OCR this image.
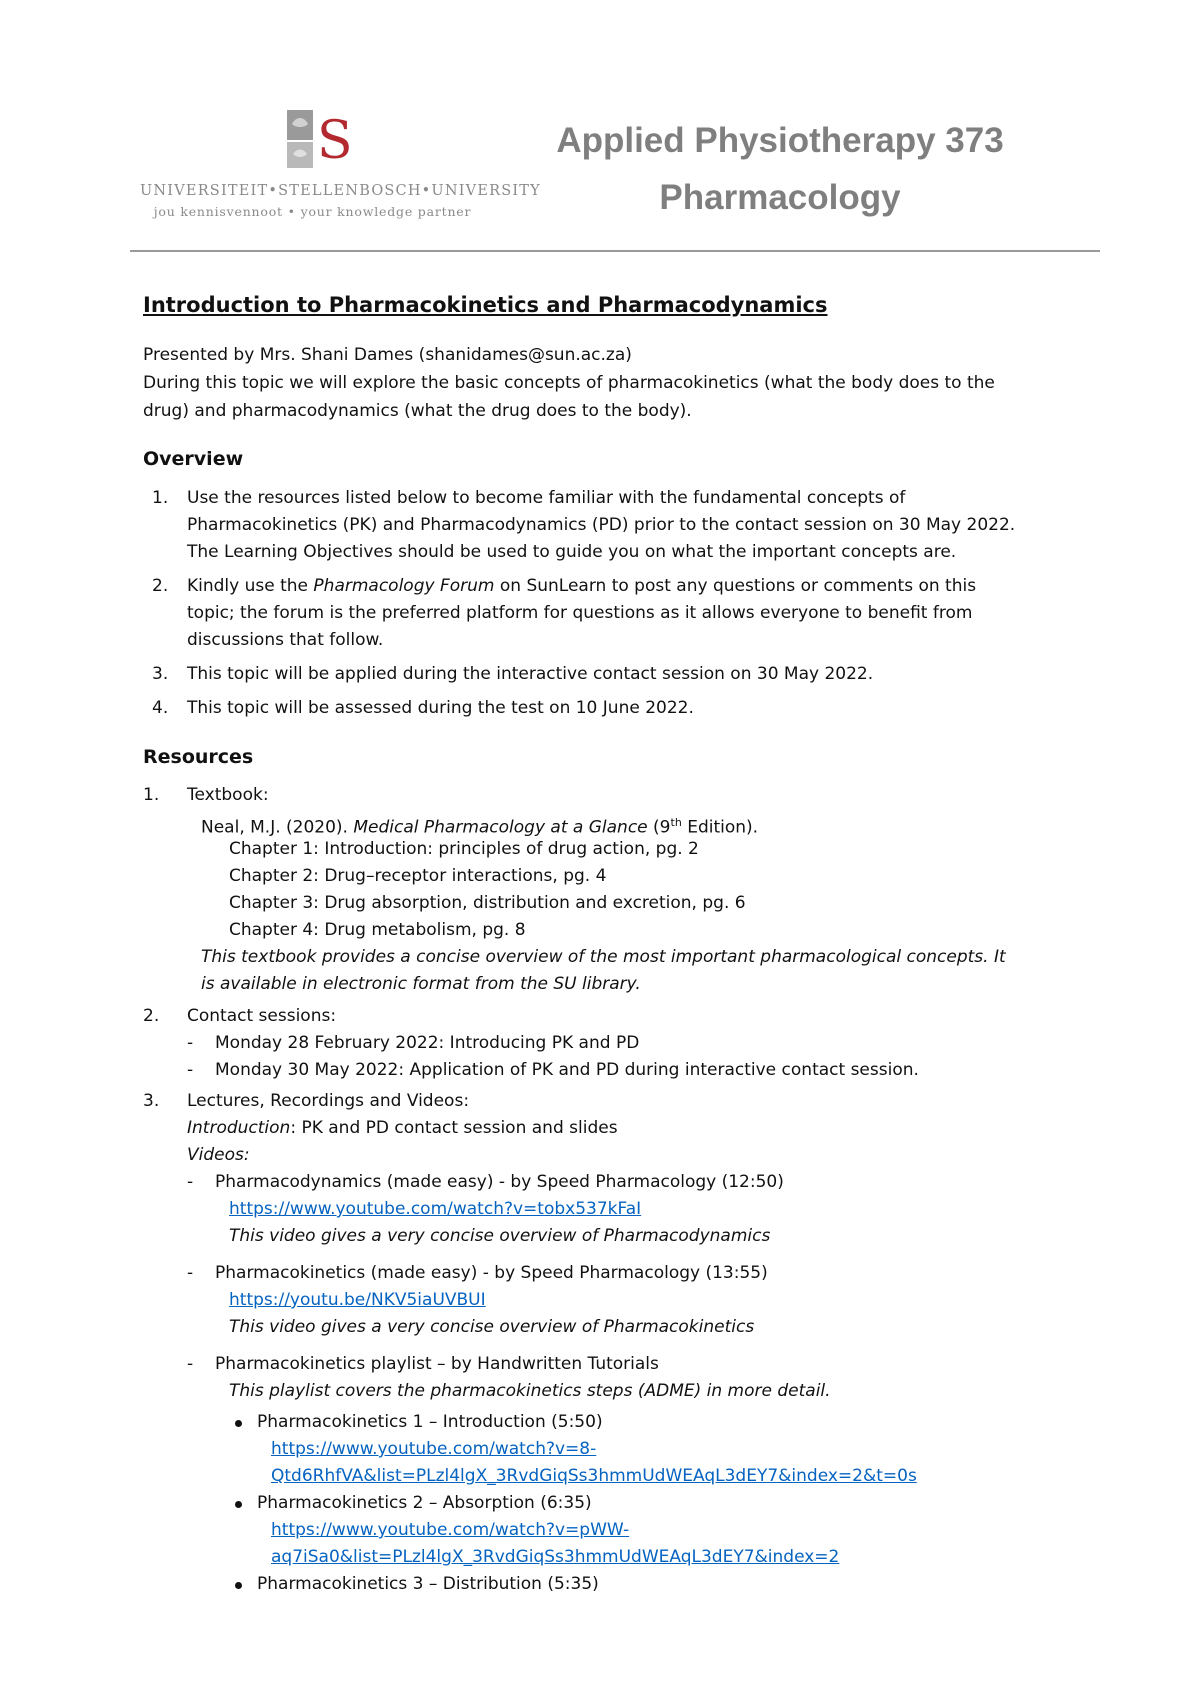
S
UNIVERSITEIT•STELLENBOSCH•UNIVERSITY
jou kennisvennoot • your knowledge partner
Applied Physiotherapy 373
Pharmacology
Introduction to Pharmacokinetics and Pharmacodynamics
Presented by Mrs. Shani Dames (shanidames@sun.ac.za)
During this topic we will explore the basic concepts of pharmacokinetics (what the body does to the
drug) and pharmacodynamics (what the drug does to the body).
Overview
1. Use the resources listed below to become familiar with the fundamental concepts of
Pharmacokinetics (PK) and Pharmacodynamics (PD) prior to the contact session on 30 May 2022.
The Learning Objectives should be used to guide you on what the important concepts are.
2. Kindly use the Pharmacology Forum on SunLearn to post any questions or comments on this
topic; the forum is the preferred platform for questions as it allows everyone to benefit from
discussions that follow.
3. This topic will be applied during the interactive contact session on 30 May 2022.
4. This topic will be assessed during the test on 10 June 2022.
Resources
1. Textbook:
Neal, M.J. (2020). Medical Pharmacology at a Glance (9th Edition).
Chapter 1: Introduction: principles of drug action, pg. 2
Chapter 2: Drug–receptor interactions, pg. 4
Chapter 3: Drug absorption, distribution and excretion, pg. 6
Chapter 4: Drug metabolism, pg. 8
This textbook provides a concise overview of the most important pharmacological concepts. It
is available in electronic format from the SU library.
2. Contact sessions:
-
Monday 28 February 2022: Introducing PK and PD
-
Monday 30 May 2022: Application of PK and PD during interactive contact session.
3. Lectures, Recordings and Videos:
Introduction: PK and PD contact session and slides
Videos:
-
Pharmacodynamics (made easy) - by Speed Pharmacology (12:50)
https://www.youtube.com/watch?v=tobx537kFaI
This video gives a very concise overview of Pharmacodynamics
-
Pharmacokinetics (made easy) - by Speed Pharmacology (13:55)
https://youtu.be/NKV5iaUVBUI
This video gives a very concise overview of Pharmacokinetics
-
Pharmacokinetics playlist – by Handwritten Tutorials
This playlist covers the pharmacokinetics steps (ADME) in more detail.
Pharmacokinetics 1 – Introduction (5:50)
https://www.youtube.com/watch?v=8-
Qtd6RhfVA&list=PLzl4lgX_3RvdGiqSs3hmmUdWEAqL3dEY7&index=2&t=0s
Pharmacokinetics 2 – Absorption (6:35)
https://www.youtube.com/watch?v=pWW-
aq7iSa0&list=PLzl4lgX_3RvdGiqSs3hmmUdWEAqL3dEY7&index=2
Pharmacokinetics 3 – Distribution (5:35)
